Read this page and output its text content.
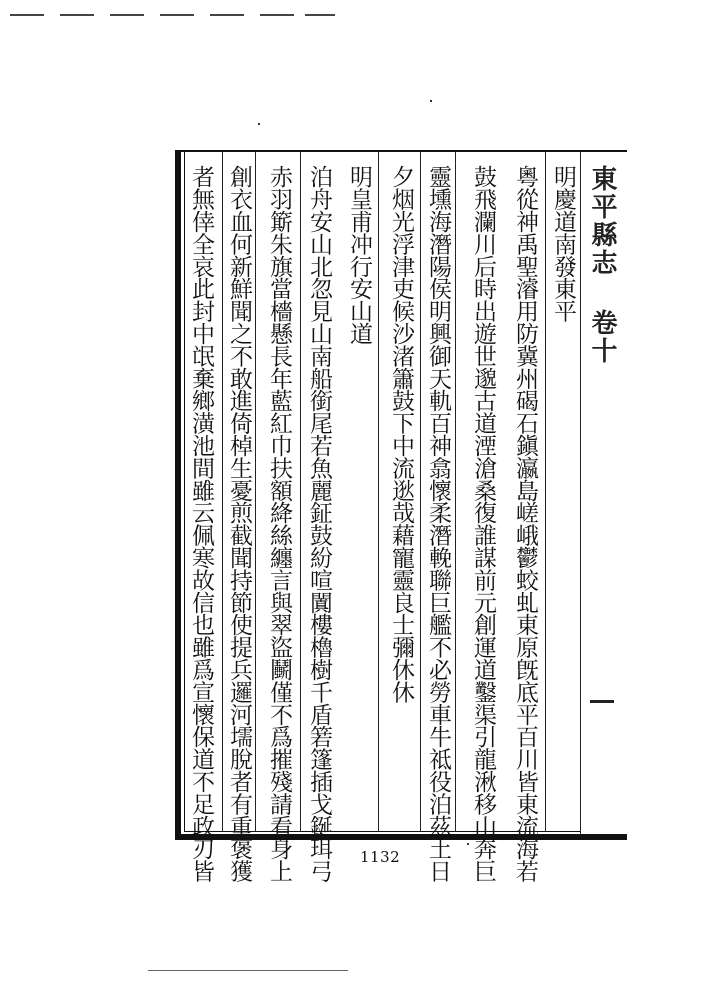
東平縣志 卷十
明慶道南發東平
粵從神禹聖濬用防冀州碣石鎭瀛島嵯峨鬱蛟虬東原旣底平百川皆東流海若
鼓飛瀾川后時出遊世邈古道湮滄桑復誰謀前元創運道鑿渠引龍湫移山奔巨
靈壎海潛陽侯明興御天軌百神翕懷柔潛輓聯巨艦不必勞車牛祗役泊茲土日
夕烟光浮津吏候沙渚簫鼓下中流逖哉藉寵靈良士彌休休
明皇甫冲行安山道
泊舟安山北忽見山南船銜尾若魚麗鉦鼓紛喧闐樓櫓樹千盾箬篷插戈鋋珥弓
赤羽簛朱旗當檣懸長年藍紅巾扶額絳絲纏言與翠盜鬭僅不爲摧殘請看身上
創衣血何新鮮聞之不敢進倚棹生憂煎截聞持節使提兵邏河壖脫者有重褒獲
者無倖全哀此封中氓棄鄉潢池間雖云佩寒故信也雖爲宣懷保道不足政刃皆	1132
